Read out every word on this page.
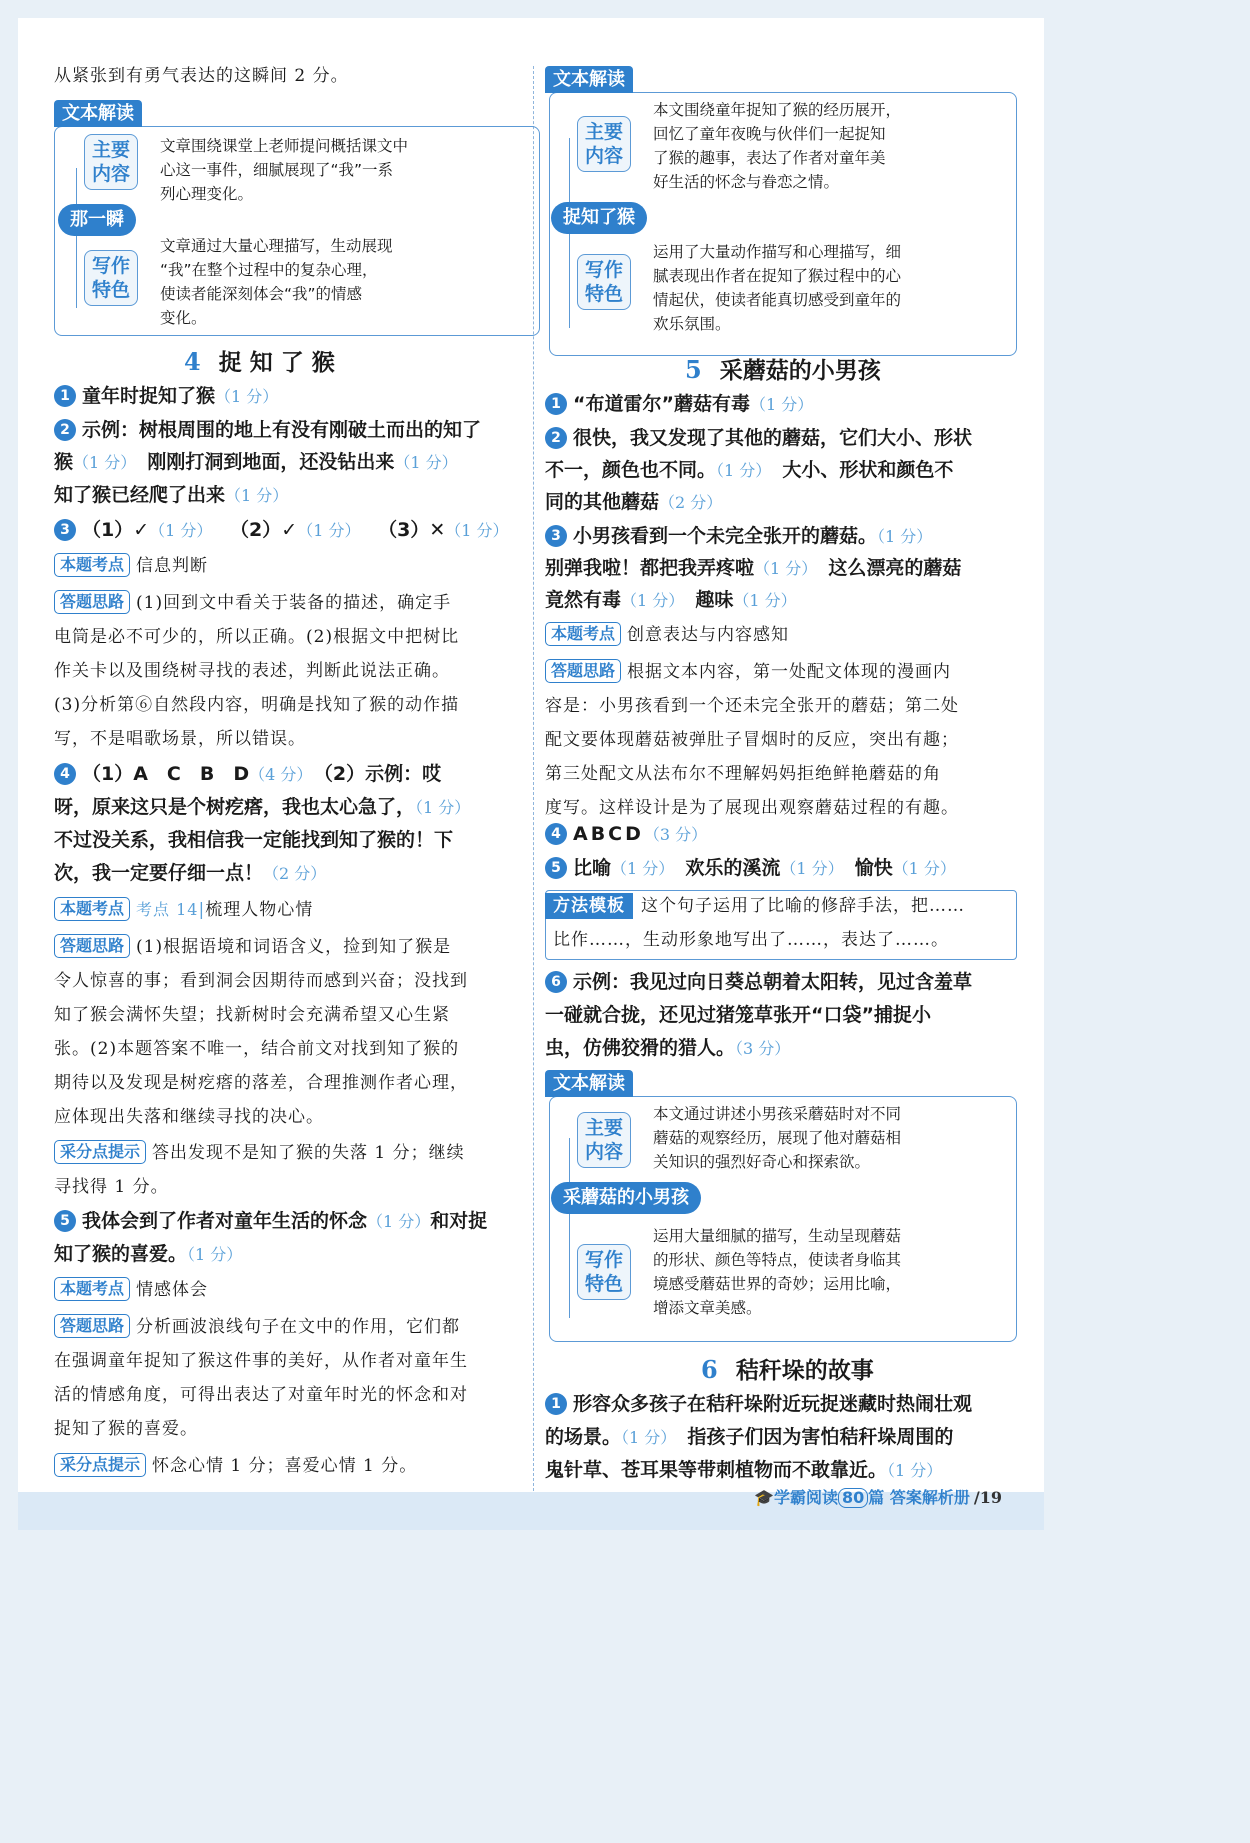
从紧张到有勇气表达的这瞬间 2 分。
文本解读
主要
内容
文章围绕课堂上老师提问概括课文中
心这一事件，细腻展现了“我”一系
列心理变化。
那一瞬
写作
特色
文章通过大量心理描写，生动展现
“我”在整个过程中的复杂心理，
使读者能深刻体会“我”的情感
变化。
4 捉 知 了 猴
1 童年时捉知了猴（1 分）
2 示例：树根周围的地上有没有刚破土而出的知了
猴（1 分）　 刚刚打洞到地面，还没钻出来（1 分）
知了猴已经爬了出来（1 分）
3 （1）✓（1 分）　 （2）✓（1 分）　 （3）✕（1 分）
本题考点 信息判断
答题思路 (1)回到文中看关于装备的描述，确定手
电筒是必不可少的，所以正确。(2)根据文中把树比
作关卡以及围绕树寻找的表述，判断此说法正确。
(3)分析第⑥自然段内容，明确是找知了猴的动作描
写，不是唱歌场景，所以错误。
4 （1）A　C　B　D（4 分）　 （2）示例：哎
呀，原来这只是个树疙瘩，我也太心急了，（1 分）
不过没关系，我相信我一定能找到知了猴的！下
次，我一定要仔细一点！（2 分）
本题考点 考点 14|梳理人物心情
答题思路 (1)根据语境和词语含义，捡到知了猴是
令人惊喜的事；看到洞会因期待而感到兴奋；没找到
知了猴会满怀失望；找新树时会充满希望又心生紧
张。(2)本题答案不唯一，结合前文对找到知了猴的
期待以及发现是树疙瘩的落差，合理推测作者心理，
应体现出失落和继续寻找的决心。
采分点提示 答出发现不是知了猴的失落 1 分；继续
寻找得 1 分。
5 我体会到了作者对童年生活的怀念（1 分）和对捉
知了猴的喜爱。（1 分）
本题考点 情感体会
答题思路 分析画波浪线句子在文中的作用，它们都
在强调童年捉知了猴这件事的美好，从作者对童年生
活的情感角度，可得出表达了对童年时光的怀念和对
捉知了猴的喜爱。
采分点提示 怀念心情 1 分；喜爱心情 1 分。
文本解读
主要
内容
本文围绕童年捉知了猴的经历展开，
回忆了童年夜晚与伙伴们一起捉知
了猴的趣事，表达了作者对童年美
好生活的怀念与眷恋之情。
捉知了猴
写作
特色
运用了大量动作描写和心理描写，细
腻表现出作者在捉知了猴过程中的心
情起伏，使读者能真切感受到童年的
欢乐氛围。
5 采蘑菇的小男孩
1 “布道雷尔”蘑菇有毒（1 分）
2 很快，我又发现了其他的蘑菇，它们大小、形状
不一，颜色也不同。（1 分）　 大小、形状和颜色不
同的其他蘑菇（2 分）
3 小男孩看到一个未完全张开的蘑菇。（1 分）
别弹我啦！都把我弄疼啦（1 分）　 这么漂亮的蘑菇
竟然有毒（1 分）　 趣味（1 分）
本题考点 创意表达与内容感知
答题思路 根据文本内容，第一处配文体现的漫画内
容是：小男孩看到一个还未完全张开的蘑菇；第二处
配文要体现蘑菇被弹肚子冒烟时的反应，突出有趣；
第三处配文从法布尔不理解妈妈拒绝鲜艳蘑菇的角
度写。这样设计是为了展现出观察蘑菇过程的有趣。
4 ABCD（3 分）
5 比喻（1 分）　 欢乐的溪流（1 分）　 愉快（1 分）
方法模板 这个句子运用了比喻的修辞手法，把……
比作……，生动形象地写出了……，表达了……。
6 示例：我见过向日葵总朝着太阳转，见过含羞草
一碰就合拢，还见过猪笼草张开“口袋”捕捉小
虫，仿佛狡猾的猎人。（3 分）
文本解读
主要
内容
本文通过讲述小男孩采蘑菇时对不同
蘑菇的观察经历，展现了他对蘑菇相
关知识的强烈好奇心和探索欲。
采蘑菇的小男孩
写作
特色
运用大量细腻的描写，生动呈现蘑菇
的形状、颜色等特点，使读者身临其
境感受蘑菇世界的奇妙；运用比喻，
增添文章美感。
6 秸秆垛的故事
1 形容众多孩子在秸秆垛附近玩捉迷藏时热闹壮观
的场景。（1 分）　 指孩子们因为害怕秸秆垛周围的
鬼针草、苍耳果等带刺植物而不敢靠近。（1 分）
🎓学霸阅读 80 篇 答案解析册 /19
